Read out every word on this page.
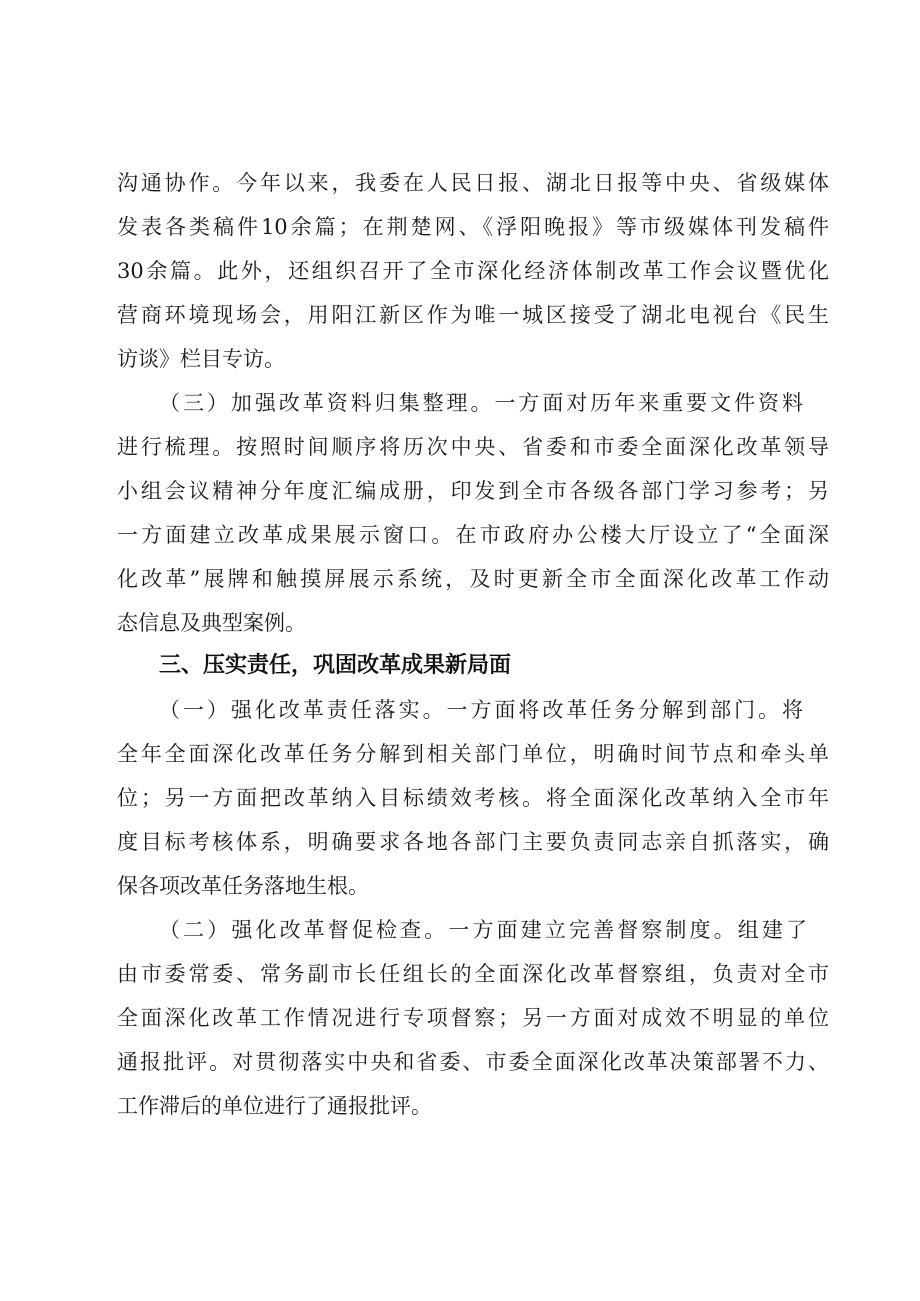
沟通协作。今年以来，我委在人民日报、湖北日报等中央、省级媒体
发表各类稿件10余篇；在荆楚网、《浮阳晚报》等市级媒体刊发稿件
30余篇。此外，还组织召开了全市深化经济体制改革工作会议暨优化
营商环境现场会，用阳江新区作为唯一城区接受了湖北电视台《民生
访谈》栏目专访。
（三）加强改革资料归集整理。一方面对历年来重要文件资料
进行梳理。按照时间顺序将历次中央、省委和市委全面深化改革领导
小组会议精神分年度汇编成册，印发到全市各级各部门学习参考；另
一方面建立改革成果展示窗口。在市政府办公楼大厅设立了“全面深
化改革”展牌和触摸屏展示系统，及时更新全市全面深化改革工作动
态信息及典型案例。
三、压实责任，巩固改革成果新局面
（一）强化改革责任落实。一方面将改革任务分解到部门。将
全年全面深化改革任务分解到相关部门单位，明确时间节点和牵头单
位；另一方面把改革纳入目标绩效考核。将全面深化改革纳入全市年
度目标考核体系，明确要求各地各部门主要负责同志亲自抓落实，确
保各项改革任务落地生根。
（二）强化改革督促检查。一方面建立完善督察制度。组建了
由市委常委、常务副市长任组长的全面深化改革督察组，负责对全市
全面深化改革工作情况进行专项督察；另一方面对成效不明显的单位
通报批评。对贯彻落实中央和省委、市委全面深化改革决策部署不力、
工作滞后的单位进行了通报批评。
